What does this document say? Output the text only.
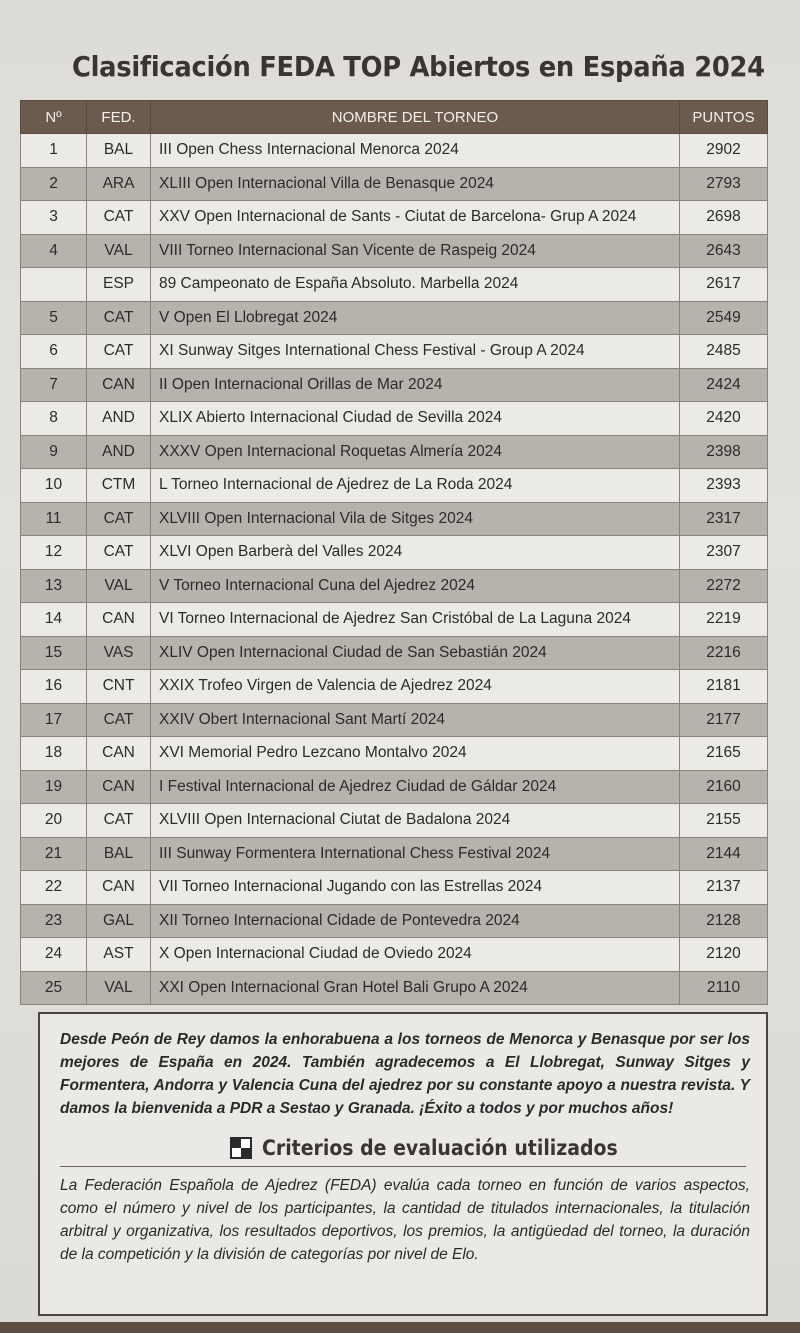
Clasificación FEDA TOP Abiertos en España 2024
Nº	FED.	NOMBRE DEL TORNEO	PUNTOS
1	BAL	III Open Chess Internacional Menorca 2024	2902
2	ARA	XLIII Open Internacional Villa de Benasque 2024	2793
3	CAT	XXV Open Internacional de Sants - Ciutat de Barcelona- Grup A 2024	2698
4	VAL	VIII Torneo Internacional San Vicente de Raspeig 2024	2643
	ESP	89 Campeonato de España Absoluto. Marbella 2024	2617
5	CAT	V Open El Llobregat 2024	2549
6	CAT	XI Sunway Sitges International Chess Festival - Group A 2024	2485
7	CAN	II Open Internacional Orillas de Mar 2024	2424
8	AND	XLIX Abierto Internacional Ciudad de Sevilla 2024	2420
9	AND	XXXV Open Internacional Roquetas Almería 2024	2398
10	CTM	L Torneo Internacional de Ajedrez de La Roda 2024	2393
11	CAT	XLVIII Open Internacional Vila de Sitges 2024	2317
12	CAT	XLVI Open Barberà del Valles 2024	2307
13	VAL	V Torneo Internacional Cuna del Ajedrez 2024	2272
14	CAN	VI Torneo Internacional de Ajedrez San Cristóbal de La Laguna 2024	2219
15	VAS	XLIV Open Internacional Ciudad de San Sebastián 2024	2216
16	CNT	XXIX Trofeo Virgen de Valencia de Ajedrez 2024	2181
17	CAT	XXIV Obert Internacional Sant Martí 2024	2177
18	CAN	XVI Memorial Pedro Lezcano Montalvo 2024	2165
19	CAN	I Festival Internacional de Ajedrez Ciudad de Gáldar 2024	2160
20	CAT	XLVIII Open Internacional Ciutat de Badalona 2024	2155
21	BAL	III Sunway Formentera International Chess Festival 2024	2144
22	CAN	VII Torneo Internacional Jugando con las Estrellas 2024	2137
23	GAL	XII Torneo Internacional Cidade de Pontevedra 2024	2128
24	AST	X Open Internacional Ciudad de Oviedo 2024	2120
25	VAL	XXI Open Internacional Gran Hotel Bali Grupo A 2024	2110
Desde Peón de Rey damos la enhorabuena a los torneos de Menorca y Benasque por ser los mejores de España en 2024. También agradecemos a El Llobregat, Sunway Sitges y Formentera, Andorra y Valencia Cuna del ajedrez por su constante apoyo a nuestra revista. Y damos la bienvenida a PDR a Sestao y Granada. ¡Éxito a todos y por muchos años!
Criterios de evaluación utilizados
La Federación Española de Ajedrez (FEDA) evalúa cada torneo en función de varios aspectos, como el número y nivel de los participantes, la cantidad de titulados internacionales, la titulación arbitral y organizativa, los resultados deportivos, los premios, la antigüedad del torneo, la duración de la competición y la división de categorías por nivel de Elo.
